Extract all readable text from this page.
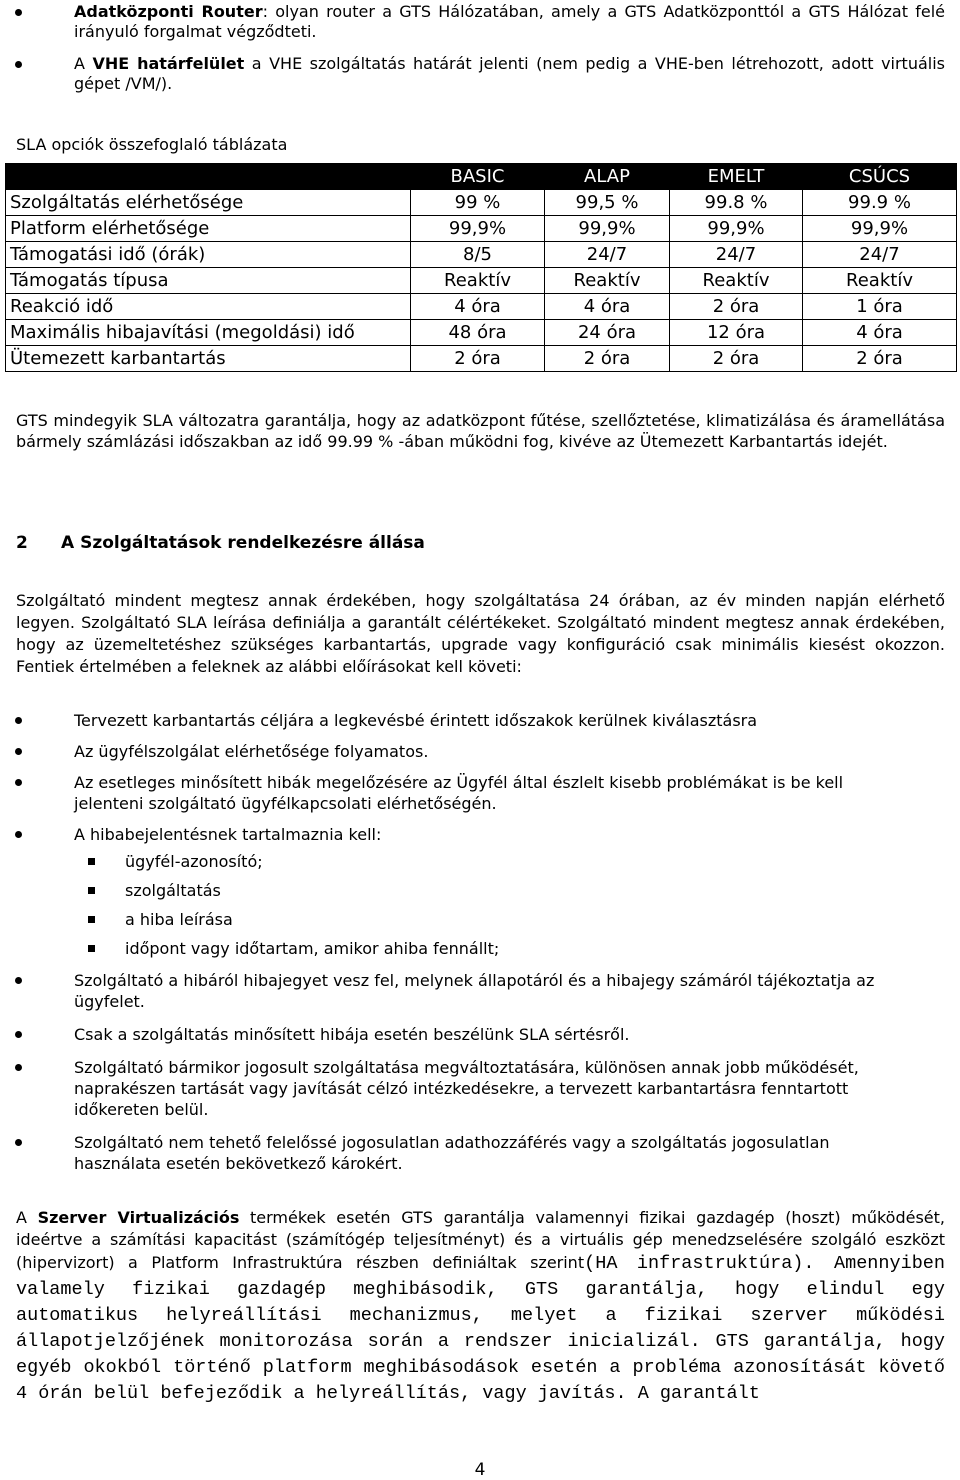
Adatközponti Router: olyan router a GTS Hálózatában, amely a GTS Adatközponttól a GTS Hálózat felé irányuló forgalmat végződteti.
A VHE határfelület a VHE szolgáltatás határát jelenti (nem pedig a VHE-ben létrehozott, adott virtuális gépet /VM/).
SLA opciók összefoglaló táblázata
	BASIC	ALAP	EMELT	CSÚCS
Szolgáltatás elérhetősége	99 %	99,5 %	99.8 %	99.9 %
Platform elérhetősége	99,9%	99,9%	99,9%	99,9%
Támogatási idő (órák)	8/5	24/7	24/7	24/7
Támogatás típusa	Reaktív	Reaktív	Reaktív	Reaktív
Reakció idő	4 óra	4 óra	2 óra	1 óra
Maximális hibajavítási (megoldási) idő	48 óra	24 óra	12 óra	4 óra
Ütemezett karbantartás	2 óra	2 óra	2 óra	2 óra

GTS mindegyik SLA változatra garantálja, hogy az adatközpont fűtése, szellőztetése, klimatizálása és áramellátása bármely számlázási időszakban az idő 99.99 % -ában működni fog, kivéve az Ütemezett Karbantartás idejét.

2 A Szolgáltatások rendelkezésre állása

Szolgáltató mindent megtesz annak érdekében, hogy szolgáltatása 24 órában, az év minden napján elérhető legyen. Szolgáltató SLA leírása definiálja a garantált célértékeket. Szolgáltató mindent megtesz annak érdekében, hogy az üzemeltetéshez szükséges karbantartás, upgrade vagy konfiguráció csak minimális kiesést okozzon. Fentiek értelmében a feleknek az alábbi előírásokat kell követi:

Tervezett karbantartás céljára a legkevésbé érintett időszakok kerülnek kiválasztásra
Az ügyfélszolgálat elérhetősége folyamatos.
Az esetleges minősített hibák megelőzésére az Ügyfél által észlelt kisebb problémákat is be kell jelenteni szolgáltató ügyfélkapcsolati elérhetőségén.
A hibabejelentésnek tartalmaznia kell:
ügyfél-azonosító;
szolgáltatás
a hiba leírása
időpont vagy időtartam, amikor ahiba fennállt;
Szolgáltató a hibáról hibajegyet vesz fel, melynek állapotáról és a hibajegy számáról tájékoztatja az ügyfelet.
Csak a szolgáltatás minősített hibája esetén beszélünk SLA sértésről.
Szolgáltató bármikor jogosult szolgáltatása megváltoztatására, különösen annak jobb működését, naprakészen tartását vagy javítását célzó intézkedésekre, a tervezett karbantartásra fenntartott időkereten belül.
Szolgáltató nem tehető felelőssé jogosulatlan adathozzáférés vagy a szolgáltatás jogosulatlan használata esetén bekövetkező károkért.

A Szerver Virtualizációs termékek esetén GTS garantálja valamennyi fizikai gazdagép (hoszt) működését, ideértve a számítási kapacitást (számítógép teljesítményt) és a virtuális gép menedzselésére szolgáló eszközt (hipervizort) a Platform Infrastruktúra részben definiáltak szerint(HA infrastruktúra). Amennyiben valamely fizikai gazdagép meghibásodik, GTS garantálja, hogy elindul egy automatikus helyreállítási mechanizmus, melyet a fizikai szerver működési állapotjelzőjének monitorozása során a rendszer inicializál. GTS garantálja, hogy egyéb okokból történő platform meghibásodások esetén a probléma azonosítását követő 4 órán belül befejeződik a helyreállítás, vagy javítás. A garantált

4
